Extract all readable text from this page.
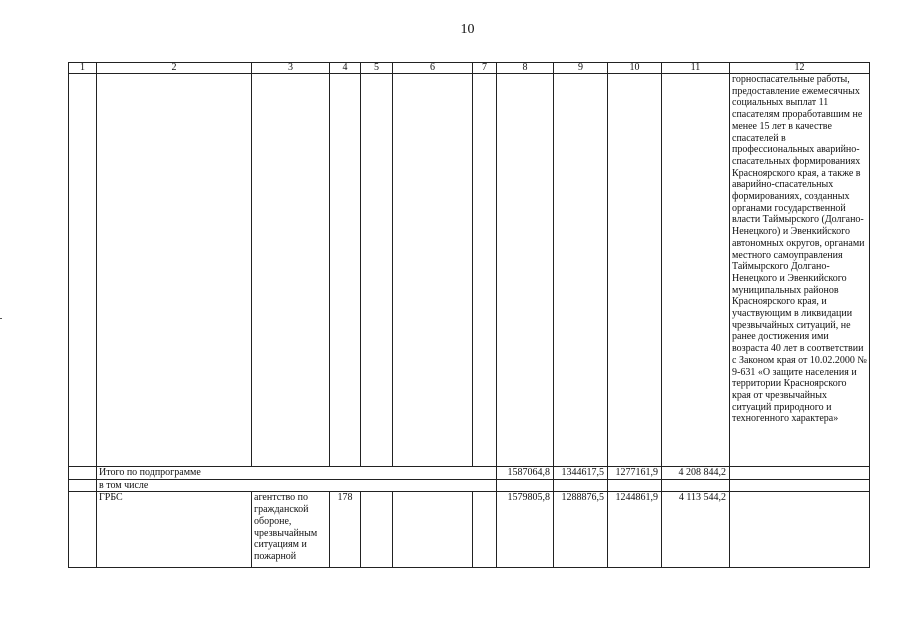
10
1	2	3	4	5	6	7	8	9	10	11	12
											горноспасательные работы, предоставление ежемесячных социальных выплат 11 спасателям проработавшим не менее 15 лет в качестве спасателей в профессиональных аварийно-спасательных формированиях Красноярского края, а также в аварийно-спасательных формированиях, созданных органами государственной власти Таймырского (Долгано-Ненецкого) и Эвенкийского автономных округов, органами местного самоуправления Таймырского Долгано-Ненецкого и Эвенкийского муниципальных районов Красноярского края, и участвующим в ликвидации чрезвычайных ситуаций, не ранее достижения ими возраста 40 лет в соответствии с Законом края от 10.02.2000 № 9-631 «О защите населения и территории Красноярского края от чрезвычайных ситуаций природного и техногенного характера»
	Итого по подпрограмме						1587064,8	1344617,5	1277161,9	4 208 844,2	
	в том числе										
	ГРБС	агентство по гражданской обороне, чрезвычайным ситуациям и пожарной	178				1579805,8	1288876,5	1244861,9	4 113 544,2	
